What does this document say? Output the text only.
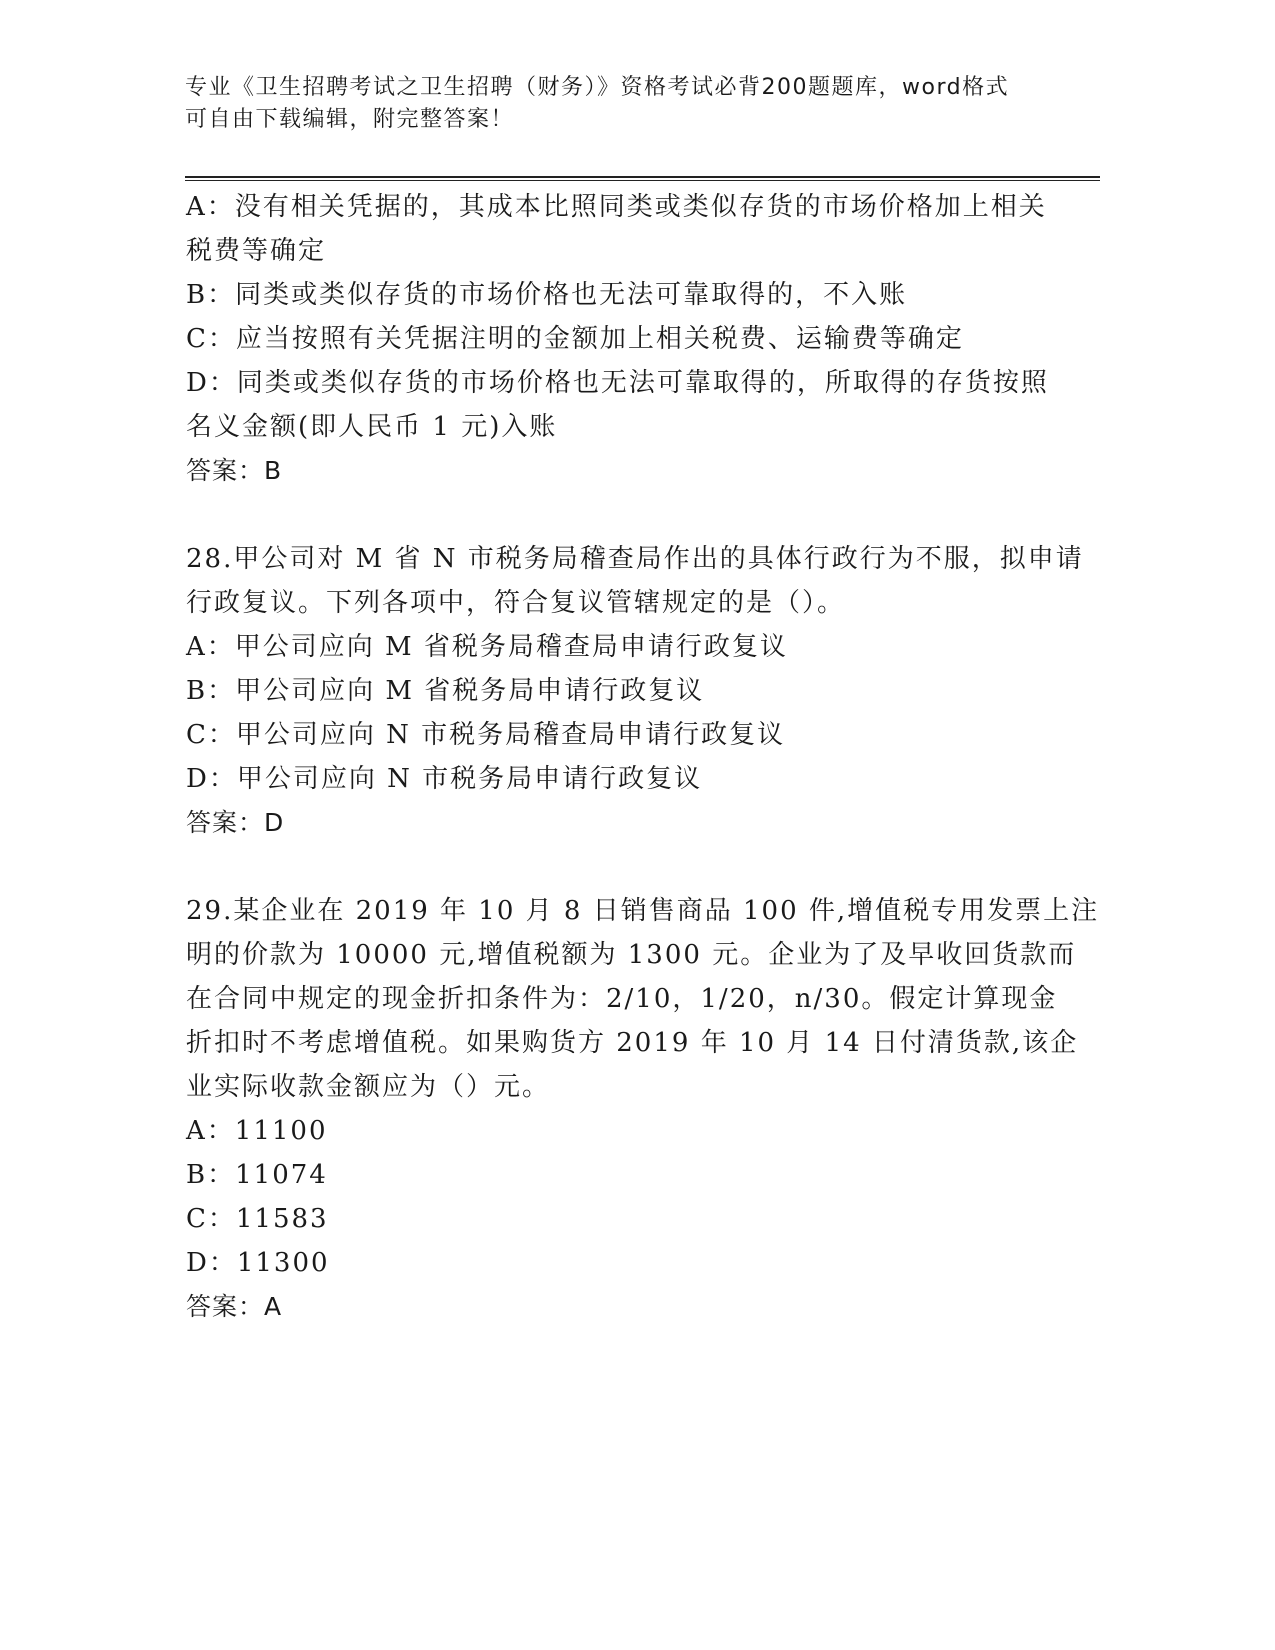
专业《卫生招聘考试之卫生招聘（财务）》资格考试必背200题题库，word格式
可自由下载编辑，附完整答案！
A：没有相关凭据的，其成本比照同类或类似存货的市场价格加上相关
税费等确定
B：同类或类似存货的市场价格也无法可靠取得的，不入账
C：应当按照有关凭据注明的金额加上相关税费、运输费等确定
D：同类或类似存货的市场价格也无法可靠取得的，所取得的存货按照
名义金额(即人民币 1 元)入账
答案：B
28.甲公司对 M 省 N 市税务局稽查局作出的具体行政行为不服，拟申请
行政复议。下列各项中，符合复议管辖规定的是（）。
A：甲公司应向 M 省税务局稽查局申请行政复议
B：甲公司应向 M 省税务局申请行政复议
C：甲公司应向 N 市税务局稽查局申请行政复议
D：甲公司应向 N 市税务局申请行政复议
答案：D
29.某企业在 2019 年 10 月 8 日销售商品 100 件,增值税专用发票上注
明的价款为 10000 元,增值税额为 1300 元。企业为了及早收回货款而
在合同中规定的现金折扣条件为：2/10，1/20，n/30。假定计算现金
折扣时不考虑增值税。如果购货方 2019 年 10 月 14 日付清货款,该企
业实际收款金额应为（）元。
A：11100
B：11074
C：11583
D：11300
答案：A
